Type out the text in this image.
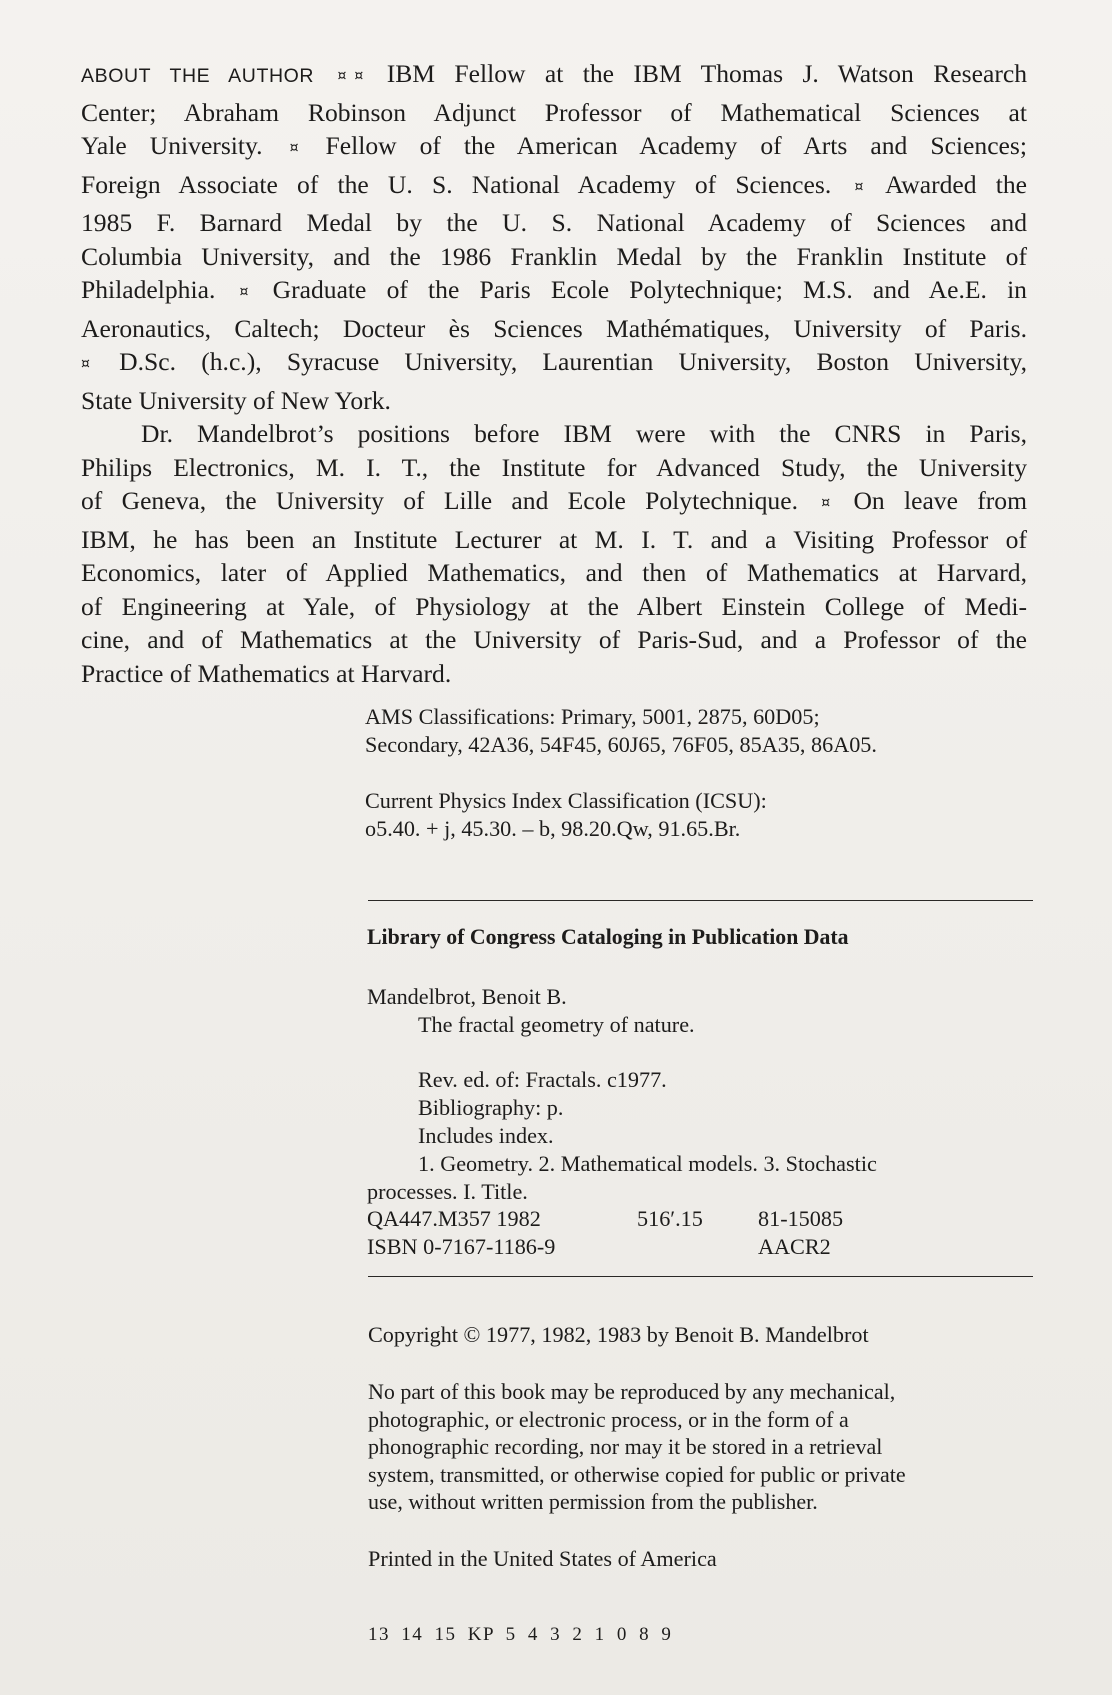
ABOUT THE AUTHOR ¤ ¤ IBM Fellow at the IBM Thomas J. Watson Research
Center; Abraham Robinson Adjunct Professor of Mathematical Sciences at
Yale University. ¤ Fellow of the American Academy of Arts and Sciences;
Foreign Associate of the U. S. National Academy of Sciences. ¤ Awarded the
1985 F. Barnard Medal by the U. S. National Academy of Sciences and
Columbia University, and the 1986 Franklin Medal by the Franklin Institute of
Philadelphia. ¤ Graduate of the Paris Ecole Polytechnique; M.S. and Ae.E. in
Aeronautics, Caltech; Docteur ès Sciences Mathématiques, University of Paris.
¤ D.Sc. (h.c.), Syracuse University, Laurentian University, Boston University,
State University of New York.

Dr. Mandelbrot’s positions before IBM were with the CNRS in Paris,
Philips Electronics, M. I. T., the Institute for Advanced Study, the University
of Geneva, the University of Lille and Ecole Polytechnique. ¤ On leave from
IBM, he has been an Institute Lecturer at M. I. T. and a Visiting Professor of
Economics, later of Applied Mathematics, and then of Mathematics at Harvard,
of Engineering at Yale, of Physiology at the Albert Einstein College of Medi-
cine, and of Mathematics at the University of Paris-Sud, and a Professor of the
Practice of Mathematics at Harvard.

AMS Classifications: Primary, 5001, 2875, 60D05;
Secondary, 42A36, 54F45, 60J65, 76F05, 85A35, 86A05.
Current Physics Index Classification (ICSU):
o5.40. + j, 45.30. – b, 98.20.Qw, 91.65.Br.
Library of Congress Cataloging in Publication Data
Mandelbrot, Benoit B.
The fractal geometry of nature.
Rev. ed. of: Fractals. c1977.
Bibliography: p.
Includes index.
1. Geometry. 2. Mathematical models. 3. Stochastic
processes. I. Title.
QA447.M357 1982	516′.15 81-15085
ISBN 0-7167-1186-9	AACR2
Copyright © 1977, 1982, 1983 by Benoit B. Mandelbrot
No part of this book may be reproduced by any mechanical,
photographic, or electronic process, or in the form of a
phonographic recording, nor may it be stored in a retrieval
system, transmitted, or otherwise copied for public or private
use, without written permission from the publisher.
Printed in the United States of America
13 14 15 KP 5 4 3 2 1 0 8 9
